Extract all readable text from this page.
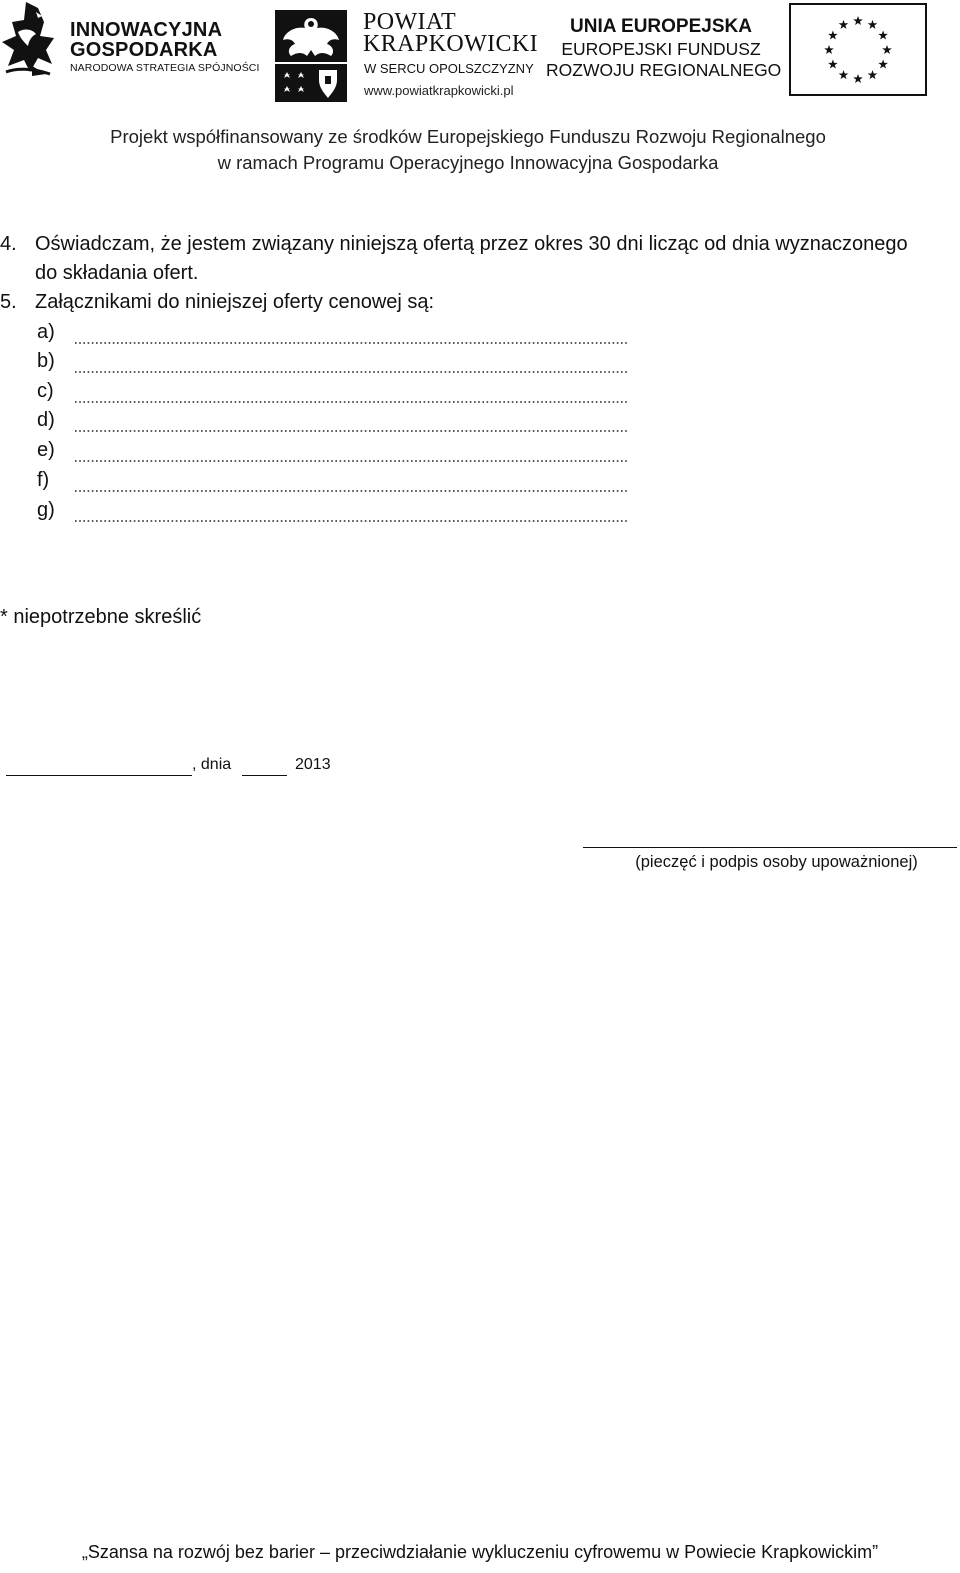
INNOWACYJNA
GOSPODARKA
NARODOWA STRATEGIA SPÓJNOŚCI
POWIAT
KRAPKOWICKI
W SERCU OPOLSZCZYZNY
www.powiatkrapkowicki.pl
UNIA EUROPEJSKA
EUROPEJSKI FUNDUSZ
ROZWOJU REGIONALNEGO
Projekt współfinansowany ze środków Europejskiego Funduszu Rozwoju Regionalnego
w ramach Programu Operacyjnego Innowacyjna Gospodarka
4. Oświadczam, że jestem związany niniejszą ofertą przez okres 30 dni licząc od dnia wyznaczonego
do składania ofert.
5. Załącznikami do niniejszej oferty cenowej są:
a)
b)
c)
d)
e)
f)
g)
* niepotrzebne skreślić
, dnia	2013
(pieczęć i podpis osoby upoważnionej)
„Szansa na rozwój bez barier – przeciwdziałanie wykluczeniu cyfrowemu w Powiecie Krapkowickim”
